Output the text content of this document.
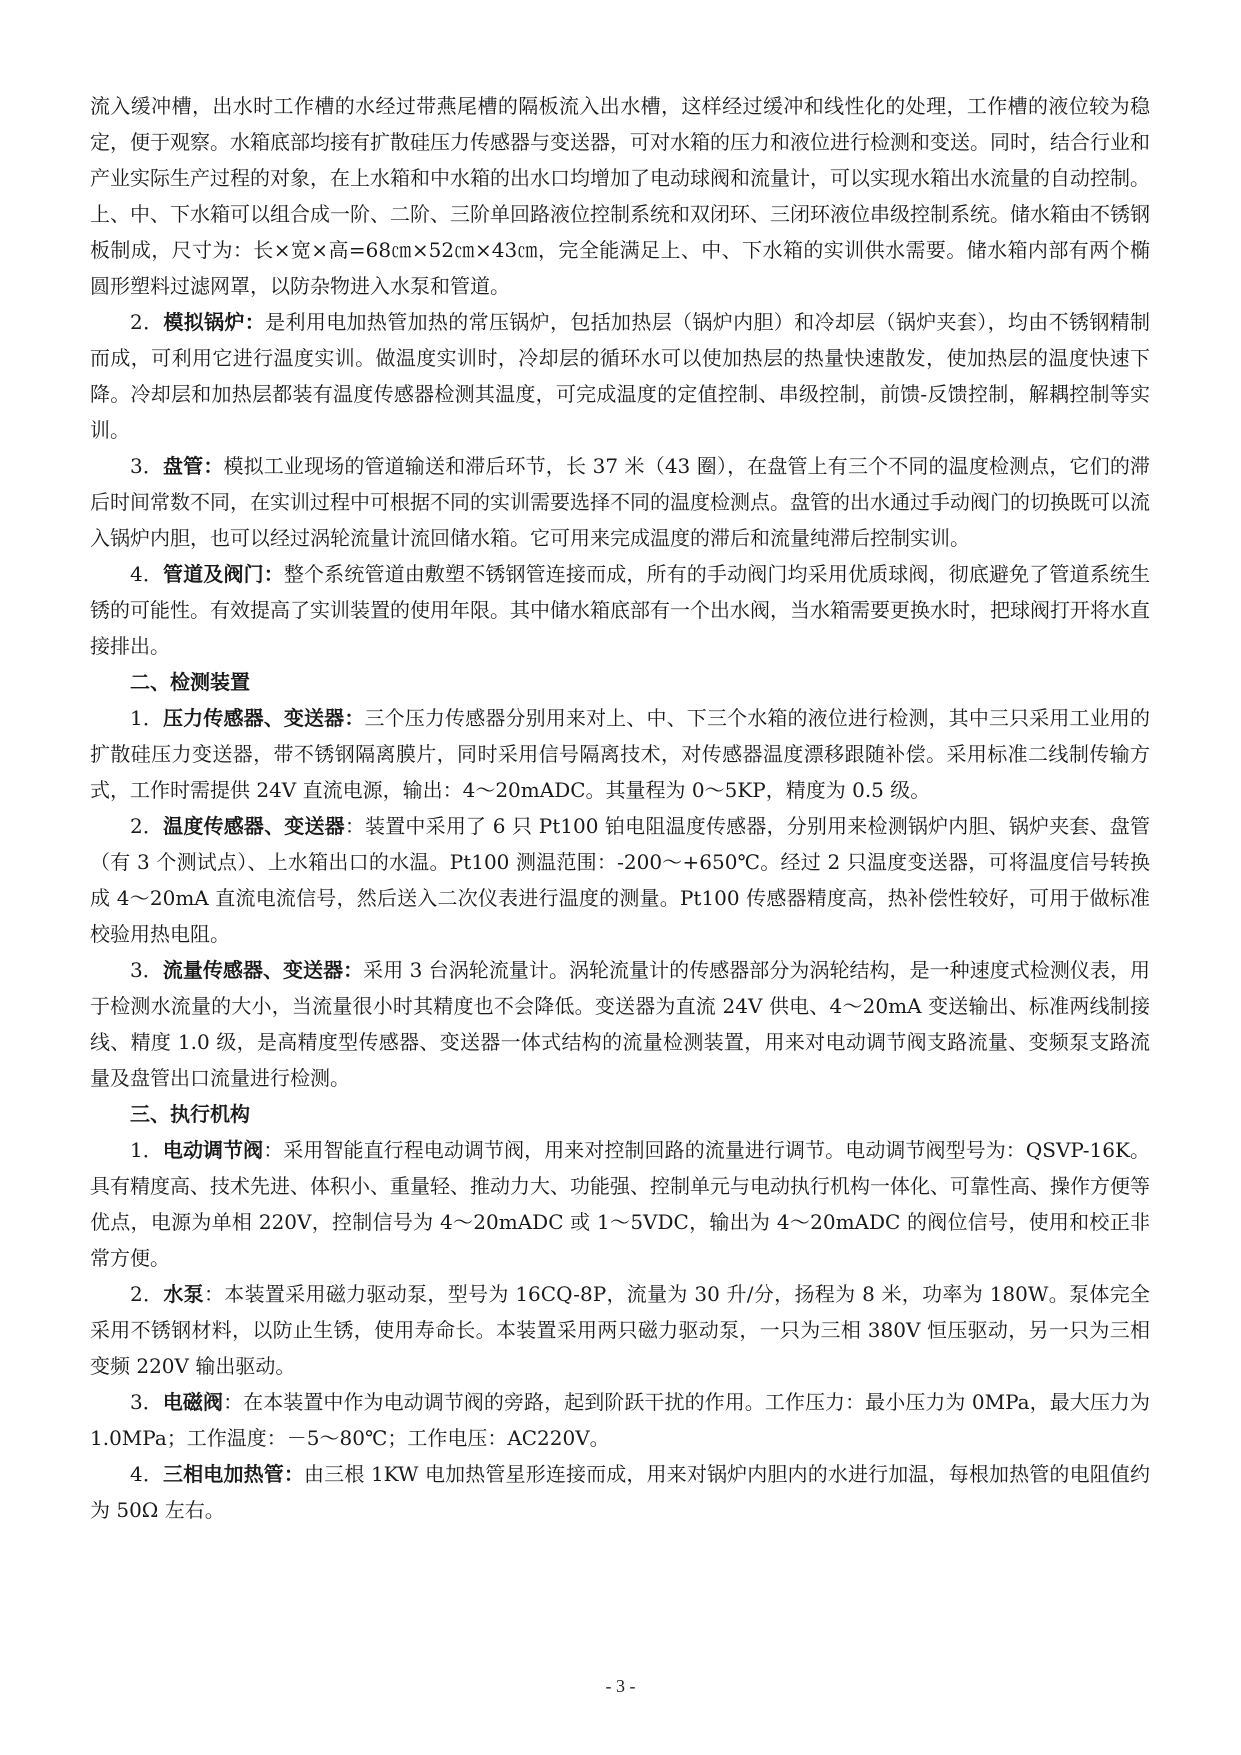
流入缓冲槽，出水时工作槽的水经过带燕尾槽的隔板流入出水槽，这样经过缓冲和线性化的处理，工作槽的液位较为稳定，便于观察。水箱底部均接有扩散硅压力传感器与变送器，可对水箱的压力和液位进行检测和变送。同时，结合行业和产业实际生产过程的对象，在上水箱和中水箱的出水口均增加了电动球阀和流量计，可以实现水箱出水流量的自动控制。上、中、下水箱可以组合成一阶、二阶、三阶单回路液位控制系统和双闭环、三闭环液位串级控制系统。储水箱由不锈钢板制成，尺寸为：长×宽×高=68㎝×52㎝×43㎝，完全能满足上、中、下水箱的实训供水需要。储水箱内部有两个椭圆形塑料过滤网罩，以防杂物进入水泵和管道。

2．模拟锅炉：是利用电加热管加热的常压锅炉，包括加热层（锅炉内胆）和冷却层（锅炉夹套），均由不锈钢精制而成，可利用它进行温度实训。做温度实训时，冷却层的循环水可以使加热层的热量快速散发，使加热层的温度快速下降。冷却层和加热层都装有温度传感器检测其温度，可完成温度的定值控制、串级控制，前馈-反馈控制，解耦控制等实训。

3．盘管：模拟工业现场的管道输送和滞后环节，长 37 米（43 圈），在盘管上有三个不同的温度检测点，它们的滞后时间常数不同，在实训过程中可根据不同的实训需要选择不同的温度检测点。盘管的出水通过手动阀门的切换既可以流入锅炉内胆，也可以经过涡轮流量计流回储水箱。它可用来完成温度的滞后和流量纯滞后控制实训。

4．管道及阀门：整个系统管道由敷塑不锈钢管连接而成，所有的手动阀门均采用优质球阀，彻底避免了管道系统生锈的可能性。有效提高了实训装置的使用年限。其中储水箱底部有一个出水阀，当水箱需要更换水时，把球阀打开将水直接排出。

二、检测装置

1．压力传感器、变送器：三个压力传感器分别用来对上、中、下三个水箱的液位进行检测，其中三只采用工业用的扩散硅压力变送器，带不锈钢隔离膜片，同时采用信号隔离技术，对传感器温度漂移跟随补偿。采用标准二线制传输方式，工作时需提供 24V 直流电源，输出：4～20mADC。其量程为 0～5KP，精度为 0.5 级。

2．温度传感器、变送器：装置中采用了 6 只 Pt100 铂电阻温度传感器，分别用来检测锅炉内胆、锅炉夹套、盘管（有 3 个测试点）、上水箱出口的水温。Pt100 测温范围：-200～+650℃。经过 2 只温度变送器，可将温度信号转换成 4～20mA 直流电流信号，然后送入二次仪表进行温度的测量。Pt100 传感器精度高，热补偿性较好，可用于做标准校验用热电阻。

3．流量传感器、变送器：采用 3 台涡轮流量计。涡轮流量计的传感器部分为涡轮结构，是一种速度式检测仪表，用于检测水流量的大小，当流量很小时其精度也不会降低。变送器为直流 24V 供电、4～20mA 变送输出、标准两线制接线、精度 1.0 级，是高精度型传感器、变送器一体式结构的流量检测装置，用来对电动调节阀支路流量、变频泵支路流量及盘管出口流量进行检测。

三、执行机构

1．电动调节阀：采用智能直行程电动调节阀，用来对控制回路的流量进行调节。电动调节阀型号为：QSVP-16K。具有精度高、技术先进、体积小、重量轻、推动力大、功能强、控制单元与电动执行机构一体化、可靠性高、操作方便等优点，电源为单相 220V，控制信号为 4～20mADC 或 1～5VDC，输出为 4～20mADC 的阀位信号，使用和校正非常方便。

2．水泵：本装置采用磁力驱动泵，型号为 16CQ-8P，流量为 30 升/分，扬程为 8 米，功率为 180W。泵体完全采用不锈钢材料，以防止生锈，使用寿命长。本装置采用两只磁力驱动泵，一只为三相 380V 恒压驱动，另一只为三相变频 220V 输出驱动。

3．电磁阀：在本装置中作为电动调节阀的旁路，起到阶跃干扰的作用。工作压力：最小压力为 0MPa，最大压力为 1.0MPa；工作温度：－5～80℃；工作电压：AC220V。

4．三相电加热管：由三根 1KW 电加热管星形连接而成，用来对锅炉内胆内的水进行加温，每根加热管的电阻值约为 50Ω 左右。

- 3 -
